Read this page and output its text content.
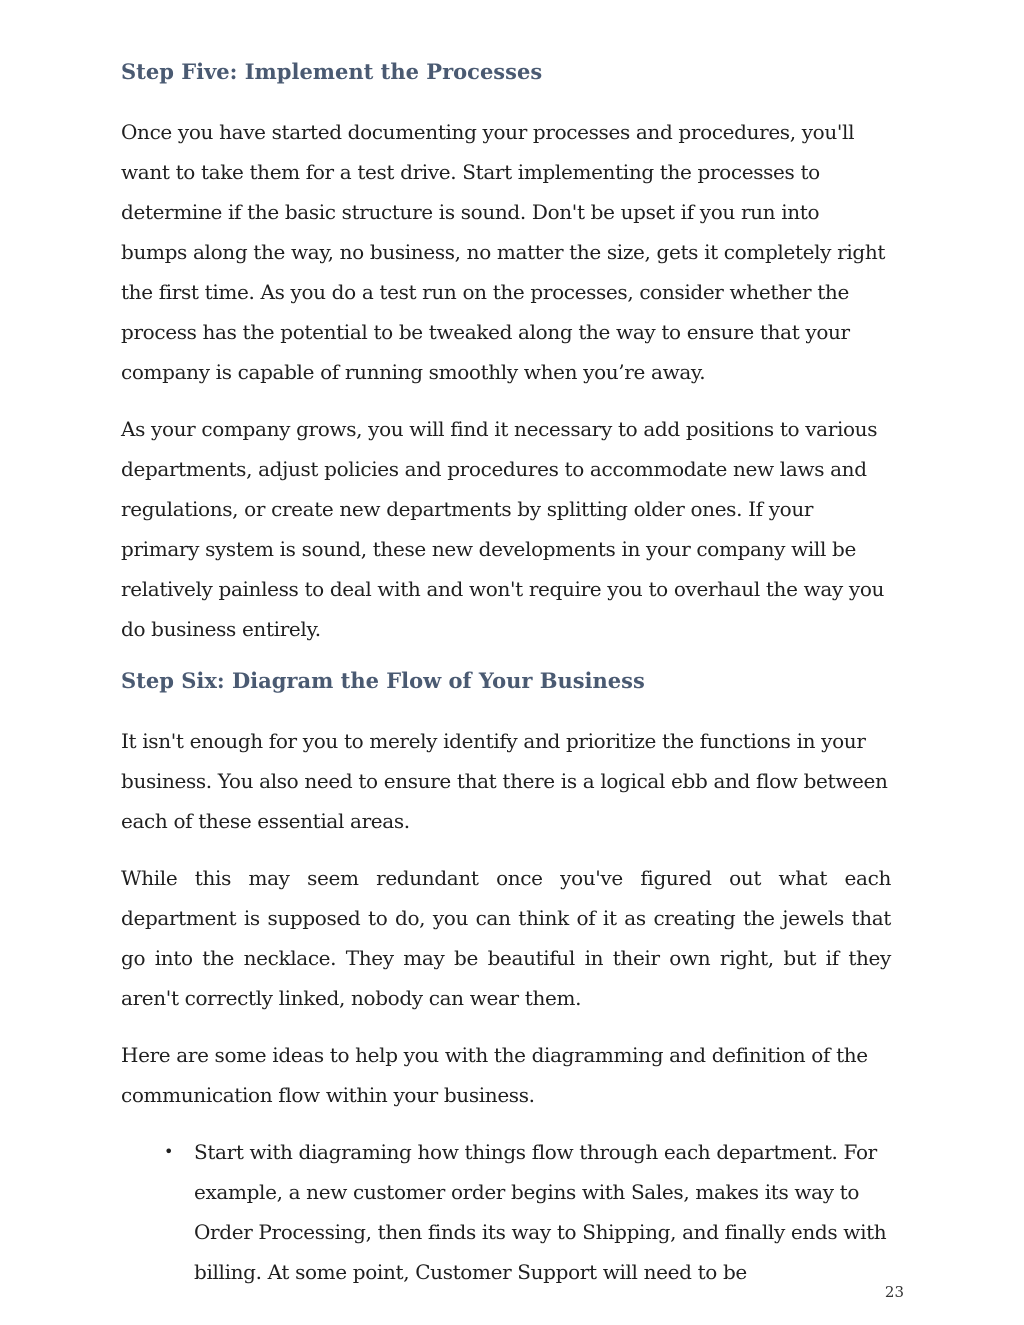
Step Five: Implement the Processes

Once you have started documenting your processes and procedures, you'll want to take them for a test drive. Start implementing the processes to determine if the basic structure is sound. Don't be upset if you run into bumps along the way, no business, no matter the size, gets it completely right the first time. As you do a test run on the processes, consider whether the process has the potential to be tweaked along the way to ensure that your company is capable of running smoothly when you’re away.

As your company grows, you will find it necessary to add positions to various departments, adjust policies and procedures to accommodate new laws and regulations, or create new departments by splitting older ones. If your primary system is sound, these new developments in your company will be relatively painless to deal with and won't require you to overhaul the way you do business entirely.

Step Six: Diagram the Flow of Your Business

It isn't enough for you to merely identify and prioritize the functions in your business. You also need to ensure that there is a logical ebb and flow between each of these essential areas.

While this may seem redundant once you've figured out what each department is supposed to do, you can think of it as creating the jewels that go into the necklace. They may be beautiful in their own right, but if they aren't correctly linked, nobody can wear them.

Here are some ideas to help you with the diagramming and definition of the communication flow within your business.

• Start with diagraming how things flow through each department. For example, a new customer order begins with Sales, makes its way to Order Processing, then finds its way to Shipping, and finally ends with billing. At some point, Customer Support will need to be
23
